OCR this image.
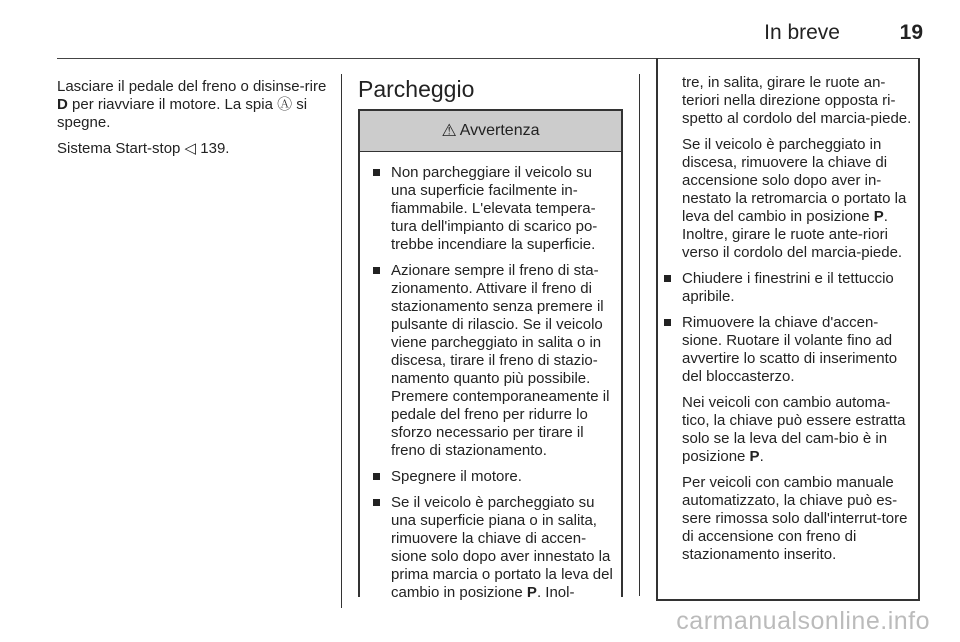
In breve	19

Lasciare il pedale del freno o disinse-rire D per riavviare il motore. La spia Ⓐ si spegne.

Sistema Start-stop ◁ 139.

Parcheggio
⚠ Avvertenza
Non parcheggiare il veicolo su una superficie facilmente in-fiammabile. L'elevata tempera-tura dell'impianto di scarico po-trebbe incendiare la superficie.
Azionare sempre il freno di sta-zionamento. Attivare il freno di stazionamento senza premere il pulsante di rilascio. Se il veicolo viene parcheggiato in salita o in discesa, tirare il freno di stazio-namento quanto più possibile. Premere contemporaneamente il pedale del freno per ridurre lo sforzo necessario per tirare il freno di stazionamento.
Spegnere il motore.
Se il veicolo è parcheggiato su una superficie piana o in salita, rimuovere la chiave di accen-sione solo dopo aver innestato la prima marcia o portato la leva del cambio in posizione P. Inol-
tre, in salita, girare le ruote an-teriori nella direzione opposta ri-spetto al cordolo del marcia-piede.
Se il veicolo è parcheggiato in discesa, rimuovere la chiave di accensione solo dopo aver in-nestato la retromarcia o portato la leva del cambio in posizione P. Inoltre, girare le ruote ante-riori verso il cordolo del marcia-piede.
Chiudere i finestrini e il tettuccio apribile.
Rimuovere la chiave d'accen-sione. Ruotare il volante fino ad avvertire lo scatto di inserimento del bloccasterzo.
Nei veicoli con cambio automa-tico, la chiave può essere estratta solo se la leva del cam-bio è in posizione P.
Per veicoli con cambio manuale automatizzato, la chiave può es-sere rimossa solo dall'interrut-tore di accensione con freno di stazionamento inserito.
carmanualsonline.info
